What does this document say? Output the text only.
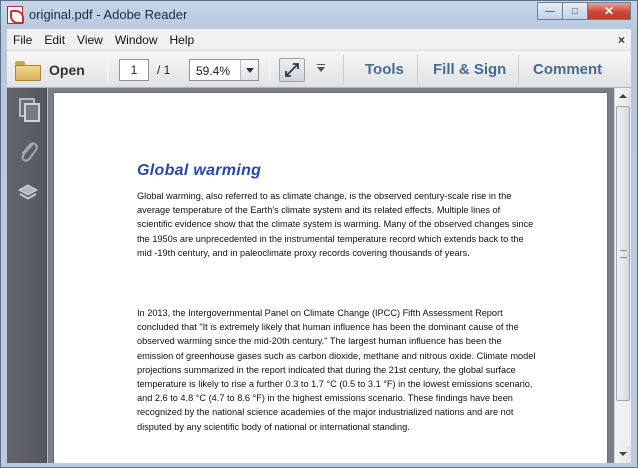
original.pdf - Adobe Reader	—	□	✕
File	Edit	View	Window	Help	×
Open	1	/ 1 59.4%	Tools Fill & Sign Comment
Global warming
Global warming, also referred to as climate change, is the observed century-scale rise in the average temperature of the Earth's climate system and its related effects. Multiple lines of scientific evidence show that the climate system is warming. Many of the observed changes since the 1950s are unprecedented in the instrumental temperature record which extends back to the mid -19th century, and in paleoclimate proxy records covering thousands of years.
In 2013, the Intergovernmental Panel on Climate Change (IPCC) Fifth Assessment Report concluded that "It is extremely likely that human influence has been the dominant cause of the observed warming since the mid-20th century." The largest human influence has been the emission of greenhouse gases such as carbon dioxide, methane and nitrous oxide. Climate model projections summarized in the report indicated that during the 21st century, the global surface temperature is likely to rise a further 0.3 to 1.7 °C (0.5 to 3.1 °F) in the lowest emissions scenario, and 2.6 to 4.8 °C (4.7 to 8.6 °F) in the highest emissions scenario. These findings have been recognized by the national science academies of the major industrialized nations and are not disputed by any scientific body of national or international standing.
